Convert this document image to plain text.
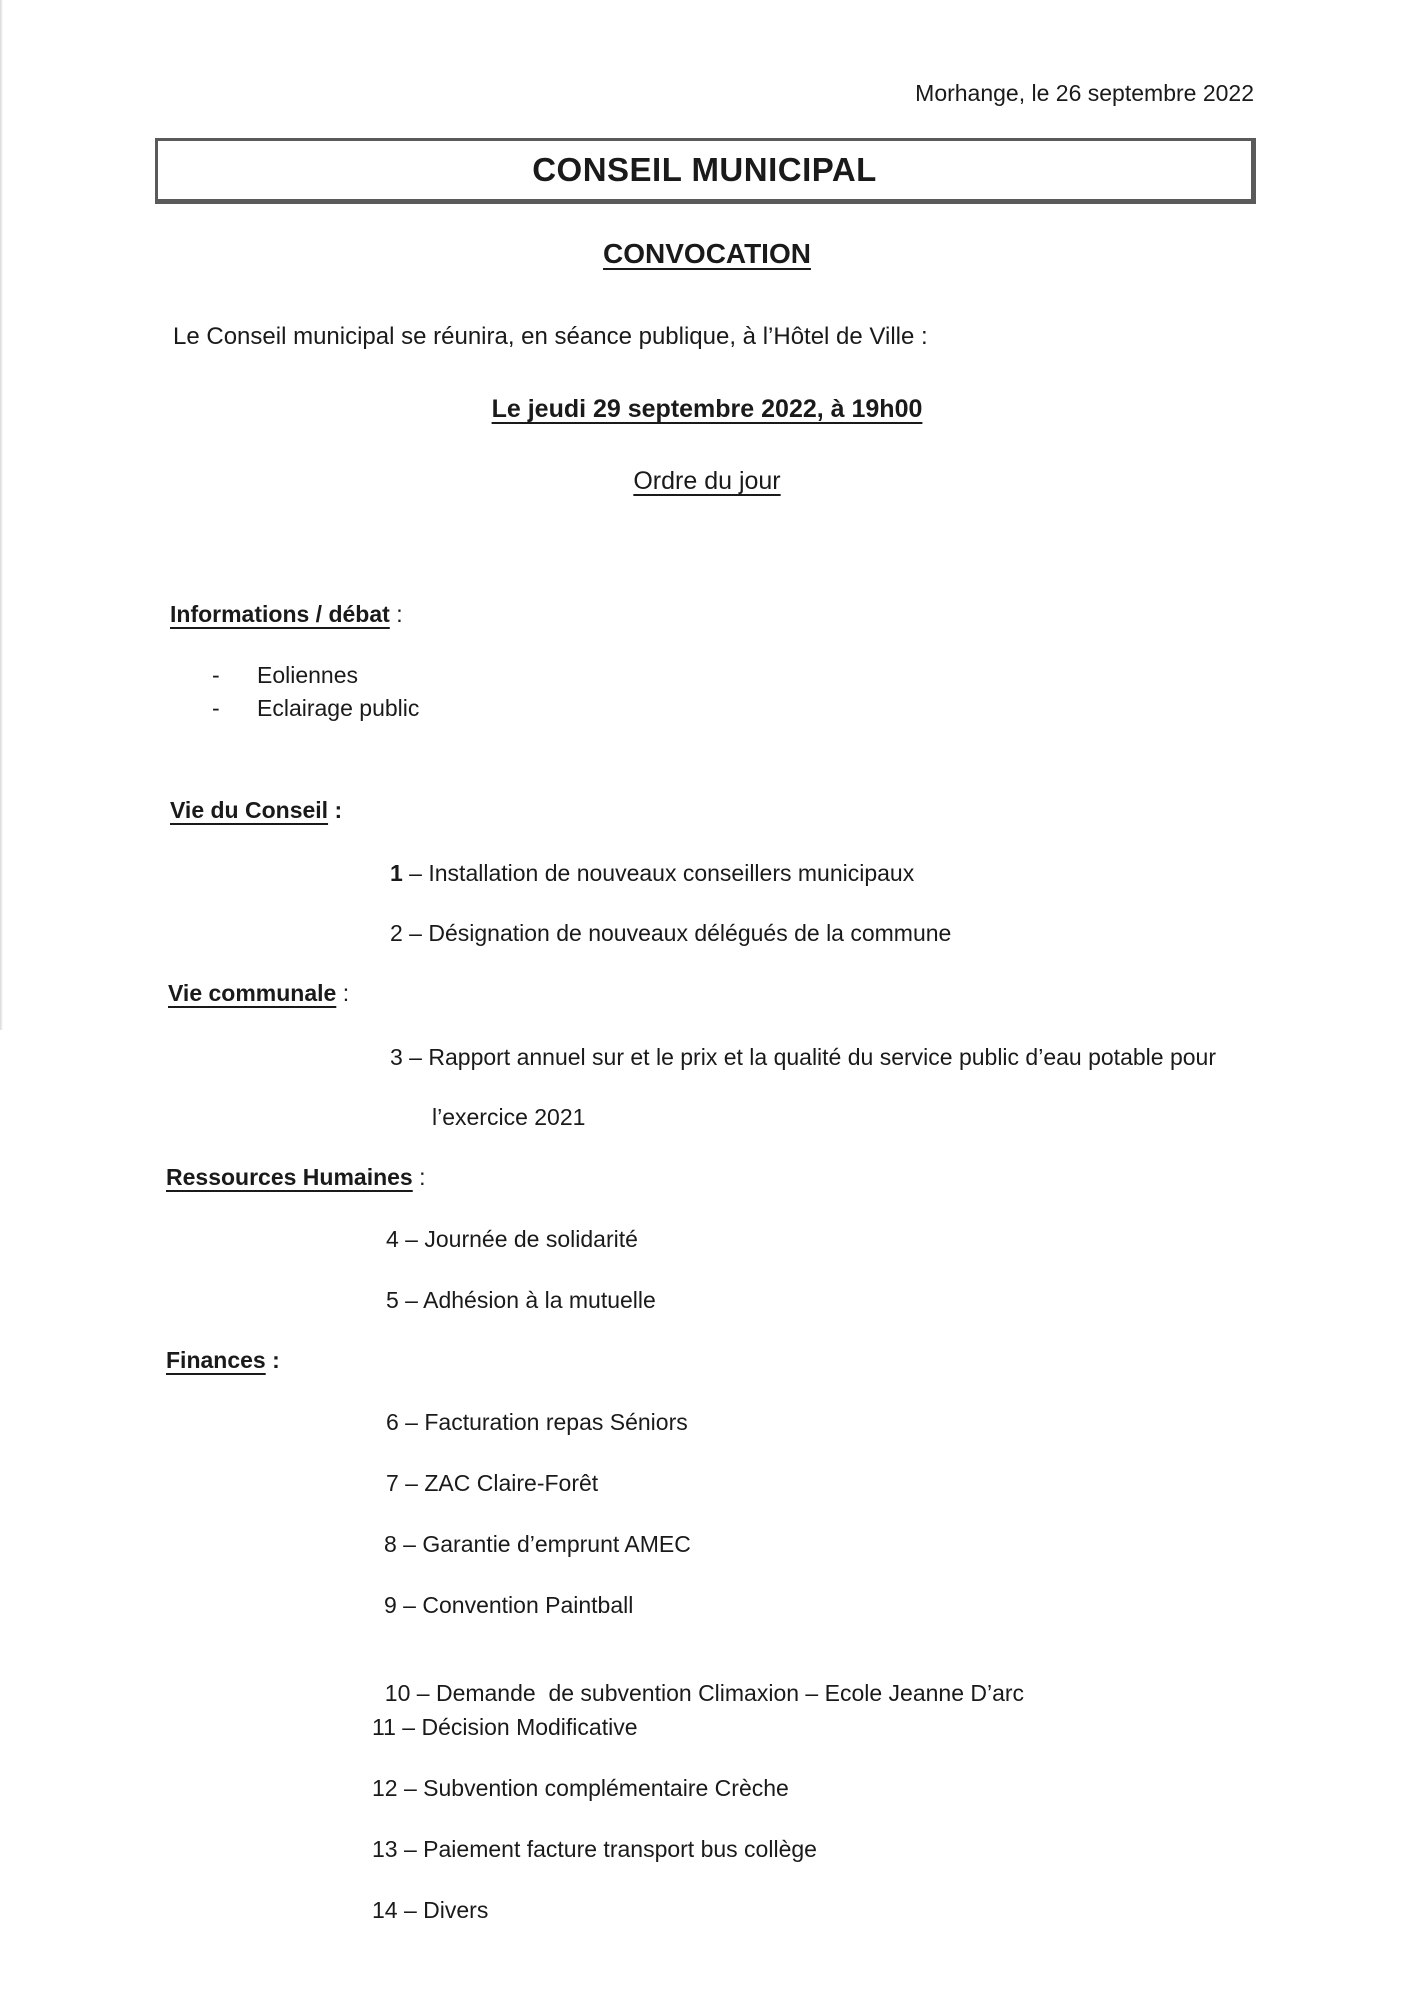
Morhange, le 26 septembre 2022
CONSEIL MUNICIPAL
CONVOCATION
Le Conseil municipal se réunira, en séance publique, à l’Hôtel de Ville :
Le jeudi 29 septembre 2022, à 19h00
Ordre du jour
Informations / débat :
- Eoliennes
- Eclairage public
Vie du Conseil :
1 – Installation de nouveaux conseillers municipaux
2 – Désignation de nouveaux délégués de la commune
Vie communale :
3 – Rapport annuel sur et le prix et la qualité du service public d’eau potable pour
l’exercice 2021
Ressources Humaines :
4 – Journée de solidarité
5 – Adhésion à la mutuelle
Finances :
6 – Facturation repas Séniors
7 – ZAC Claire-Forêt
8 – Garantie d’emprunt AMEC
9 – Convention Paintball

10 – Demande  de subvention Climaxion – Ecole Jeanne D’arc

11 – Décision Modificative
12 – Subvention complémentaire Crèche
13 – Paiement facture transport bus collège
14 – Divers
